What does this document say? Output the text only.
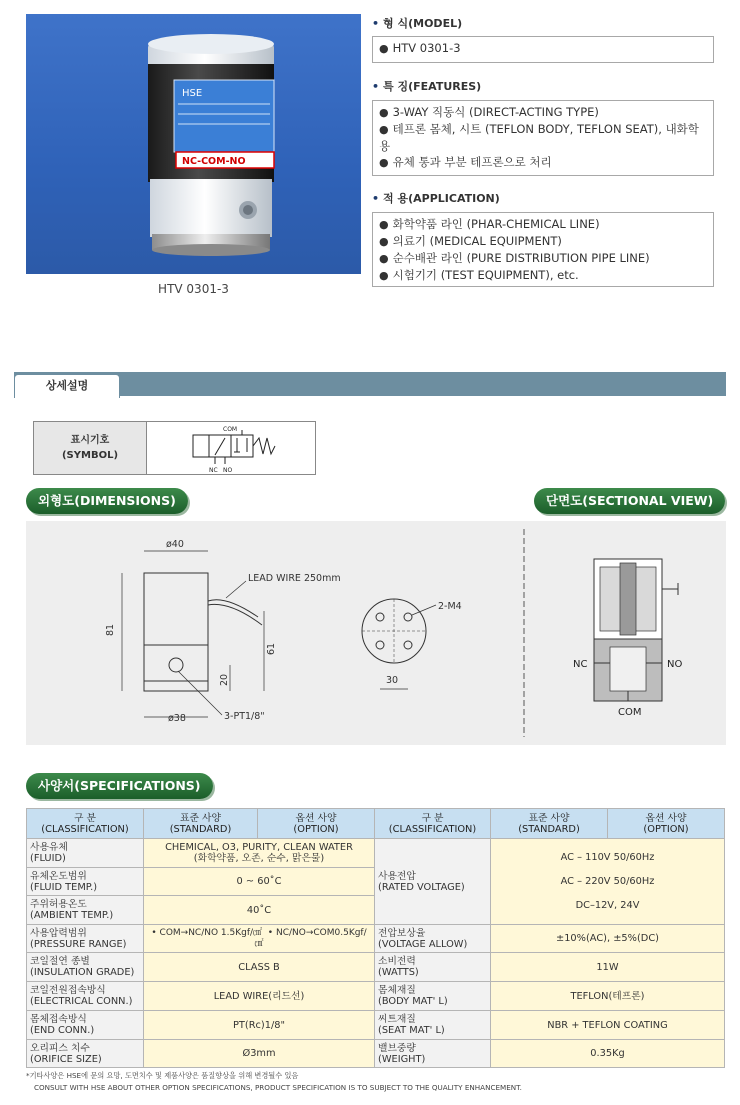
HSE
NC-COM-NO
HTV 0301-3
• 형 식(MODEL)
● HTV 0301-3
• 특 징(FEATURES)
● 3-WAY 직동식 (DIRECT-ACTING TYPE)
● 테프론 몸체, 시트 (TEFLON BODY, TEFLON SEAT), 내화학용
● 유체 통과 부분 테프론으로 처리
• 적 용(APPLICATION)
● 화학약품 라인 (PHAR-CHEMICAL LINE)
● 의료기 (MEDICAL EQUIPMENT)
● 순수배관 라인 (PURE DISTRIBUTION PIPE LINE)
● 시험기기 (TEST EQUIPMENT), etc.
상세설명
표시기호
(SYMBOL)
COM
NC NO
외형도(DIMENSIONS)	단면도(SECTIONAL VIEW)
LEAD WIRE 250mm
ø40
81
61
20
ø38	3-PT1/8"
2-M4
30
NC	NO
COM
사양서(SPECIFICATIONS)
구 분
(CLASSIFICATION)	표준 사양
(STANDARD)	옵션 사양
(OPTION)	구 분
(CLASSIFICATION)	표준 사양
(STANDARD)	옵션 사양
(OPTION)
사용유체
(FLUID)	CHEMICAL, O3, PURITY, CLEAN WATER
(화학약품, 오존, 순수, 맑은물)		사용전압
(RATED VOLTAGE)	AC – 110V 50/60Hz
AC – 220V 50/60Hz
DC–12V, 24V	
유체온도범위
(FLUID TEMP.)	0 ~ 60˚C				
주위허용온도
(AMBIENT TEMP.)	40˚C				
사용압력범위
(PRESSURE RANGE)	• COM→NC/NO 1.5Kgf/㎠ • NC/NO→COM0.5Kgf/㎠		전압보상율
(VOLTAGE ALLOW)	±10%(AC), ±5%(DC)	
코일절연 종별
(INSULATION GRADE)	CLASS B		소비전력
(WATTS)	11W	
코일전원접속방식
(ELECTRICAL CONN.)	LEAD WIRE(리드선)		몸체재질
(BODY MAT' L)	TEFLON(테프론)	
몸체접속방식
(END CONN.)	PT(Rc)1/8"		씨트재질
(SEAT MAT' L)	NBR + TEFLON COATING	
오리피스 치수
(ORIFICE SIZE)	Ø3mm		밸브중량
(WEIGHT)	0.35Kg	
*기타사양은 HSE에 문의 요망, 도면치수 및 제품사양은 품질향상을 위해 변경될수 있음
CONSULT WITH HSE ABOUT OTHER OPTION SPECIFICATIONS, PRODUCT SPECIFICATION IS TO SUBJECT TO THE QUALITY ENHANCEMENT.
